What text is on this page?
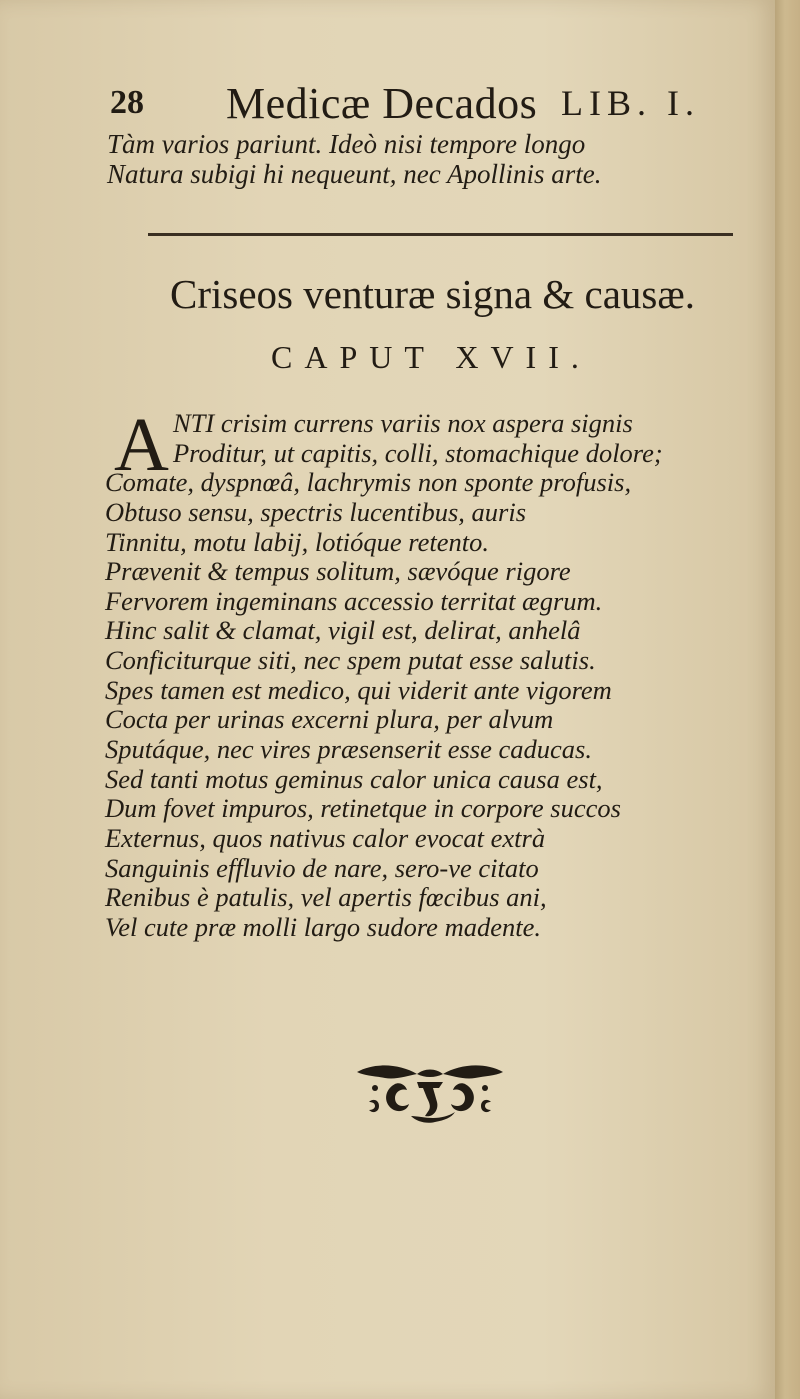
28 Medicæ Decados LIB. I.
Tàm varios pariunt. Ideò nisi tempore longo
Natura subigi hi nequeunt, nec Apollinis arte.
Criseos venturæ signa & causæ.
CAPUT XVII.
A NTI crisim currens variis nox aspera signis
Proditur, ut capitis, colli, stomachique dolore;
Comate, dyspnœâ, lachrymis non sponte profusis,
Obtuso sensu, spectris lucentibus, auris
Tinnitu, motu labij, lotióque retento.
Prævenit & tempus solitum, sævóque rigore
Fervorem ingeminans accessio territat ægrum.
Hinc salit & clamat, vigil est, delirat, anhelâ
Conficiturque siti, nec spem putat esse salutis.
Spes tamen est medico, qui viderit ante vigorem
Cocta per urinas excerni plura, per alvum
Sputáque, nec vires præsenserit esse caducas.
Sed tanti motus geminus calor unica causa est,
Dum fovet impuros, retinetque in corpore succos
Externus, quos nativus calor evocat extrà
Sanguinis effluvio de nare, sero-ve citato
Renibus è patulis, vel apertis fœcibus ani,
Vel cute præ molli largo sudore madente.
